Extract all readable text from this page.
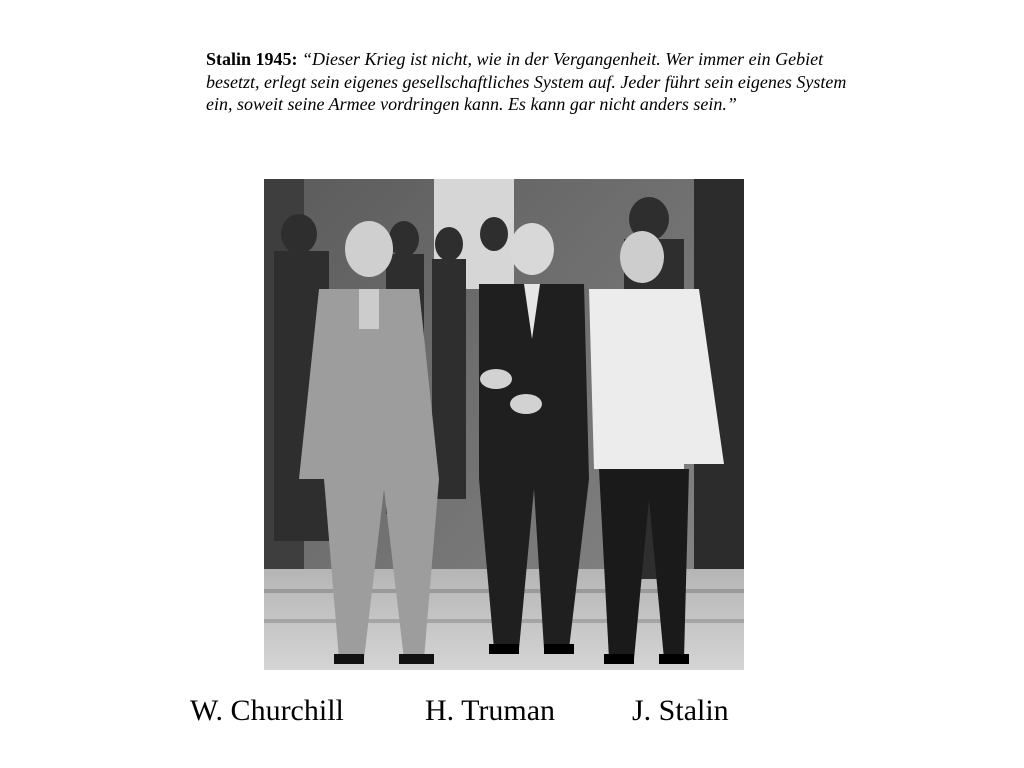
Stalin 1945: “Dieser Krieg ist nicht, wie in der Vergangenheit. Wer immer ein Gebiet besetzt, erlegt sein eigenes gesellschaftliches System auf. Jeder führt sein eigenes System ein, soweit seine Armee vordringen kann. Es kann gar nicht anders sein.”
W. Churchill	H. Truman	J. Stalin
